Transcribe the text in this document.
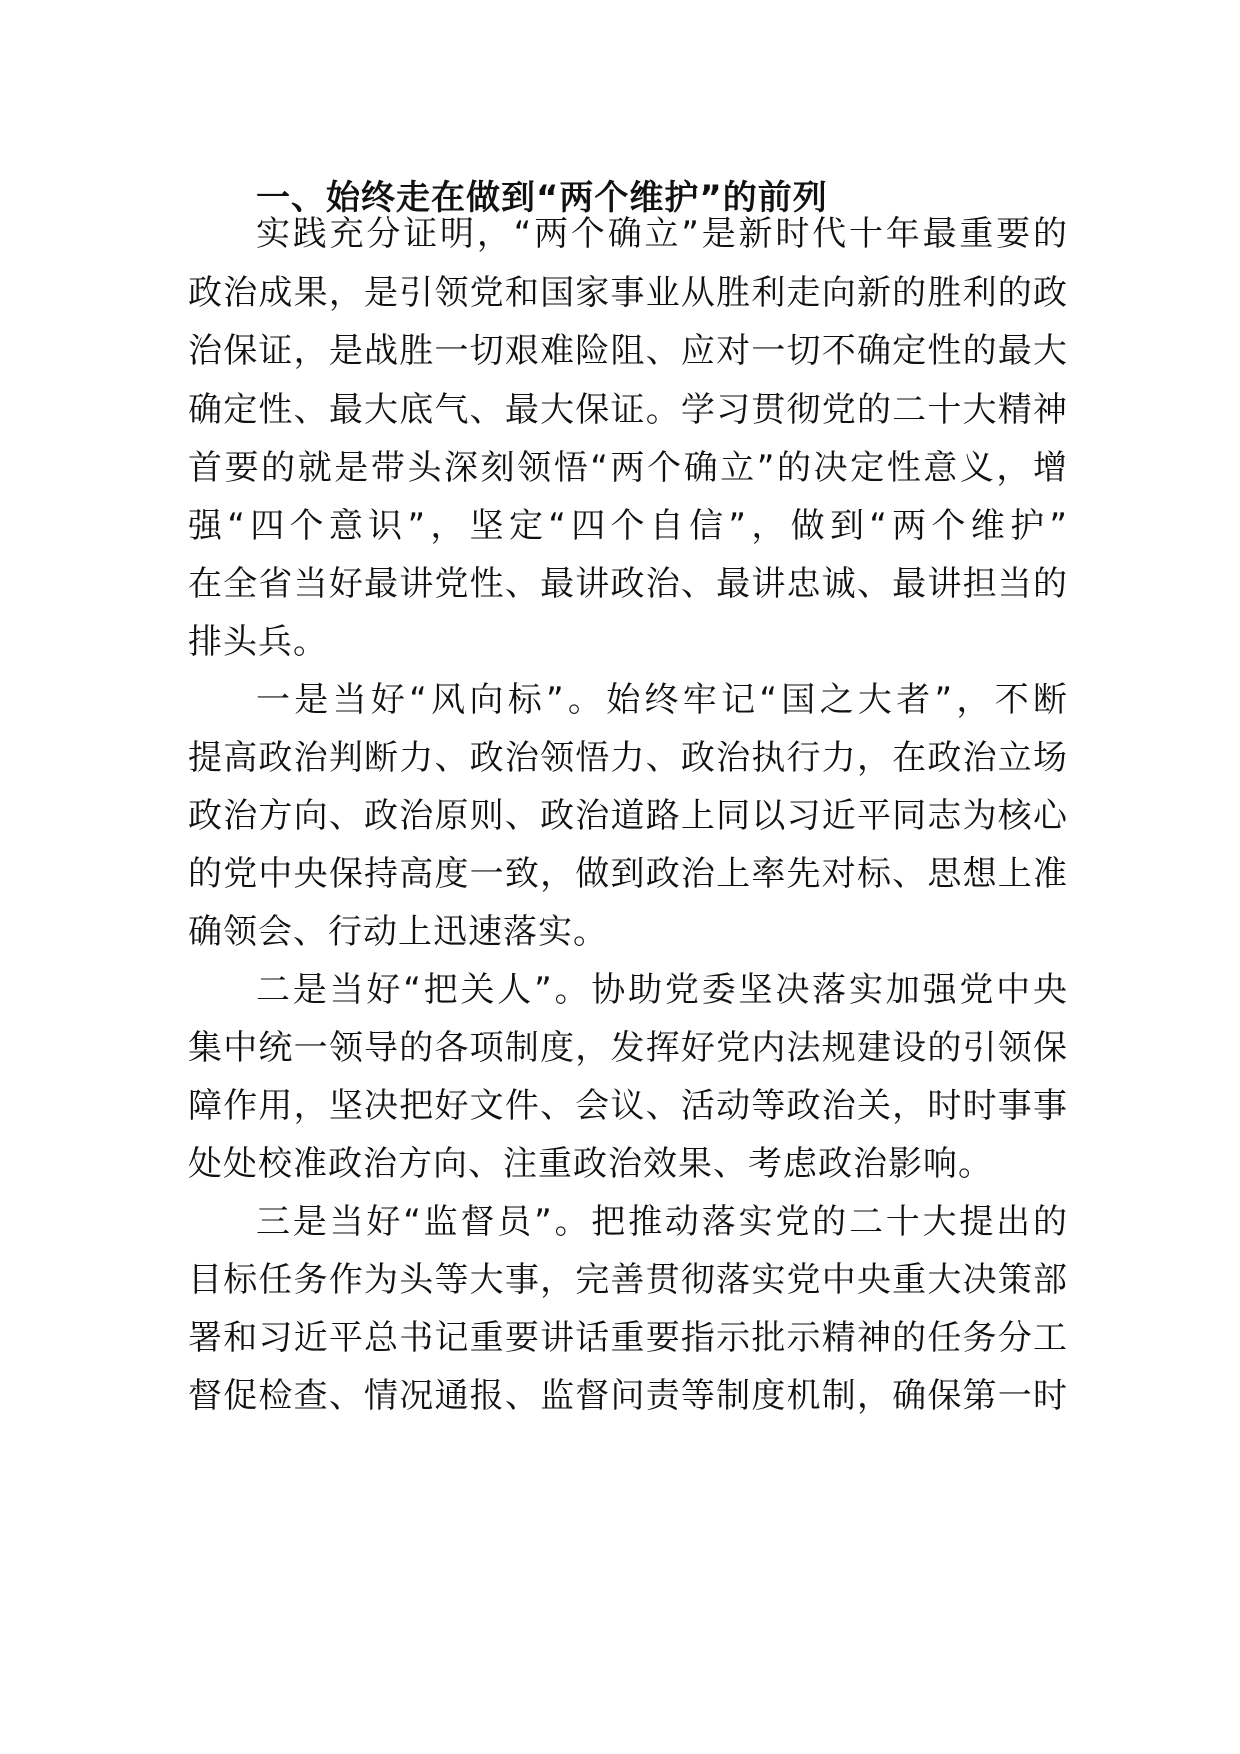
一、始终走在做到“两个维护”的前列
实践充分证明，“两个确立”是新时代十年最重要的
政治成果，是引领党和国家事业从胜利走向新的胜利的政
治保证，是战胜一切艰难险阻、应对一切不确定性的最大
确定性、最大底气、最大保证。学习贯彻党的二十大精神
首要的就是带头深刻领悟“两个确立”的决定性意义，增
强“四个意识”，坚定“四个自信”，做到“两个维护”
在全省当好最讲党性、最讲政治、最讲忠诚、最讲担当的
排头兵。
一是当好“风向标”。始终牢记“国之大者”，不断
提高政治判断力、政治领悟力、政治执行力，在政治立场
政治方向、政治原则、政治道路上同以习近平同志为核心
的党中央保持高度一致，做到政治上率先对标、思想上准
确领会、行动上迅速落实。
二是当好“把关人”。协助党委坚决落实加强党中央
集中统一领导的各项制度，发挥好党内法规建设的引领保
障作用，坚决把好文件、会议、活动等政治关，时时事事
处处校准政治方向、注重政治效果、考虑政治影响。
三是当好“监督员”。把推动落实党的二十大提出的
目标任务作为头等大事，完善贯彻落实党中央重大决策部
署和习近平总书记重要讲话重要指示批示精神的任务分工
督促检查、情况通报、监督问责等制度机制，确保第一时
